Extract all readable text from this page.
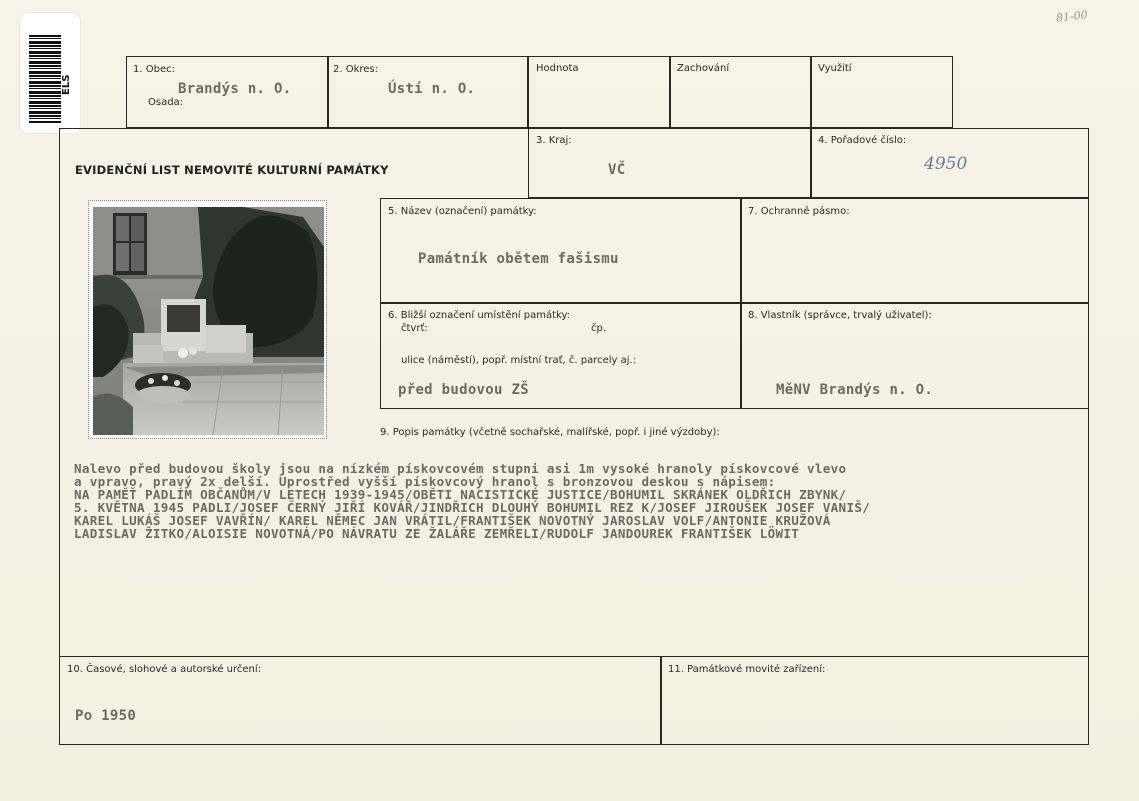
81-00
ELS
1. Obec:
Brandýs n. O.
Osada:
2. Okres:
Ústí n. O.
Hodnota	Zachování	Využití
EVIDENČNÍ LIST NEMOVITÉ KULTURNÍ PAMÁTKY
3. Kraj:
VČ
4. Pořadové číslo:
4950
5. Název (označení) památky:
Památník obětem fašismu
7. Ochranné pásmo:
6. Bližší označení umístění památky:
čtvrť:	čp.
ulice (náměstí), popř. místní trať, č. parcely aj.:
před budovou ZŠ
8. Vlastník (správce, trvalý uživatel):
MěNV Brandýs n. O.
9. Popis památky (včetně sochařské, malířské, popř. i jiné výzdoby):
Nalevo před budovou školy jsou na nízkém pískovcovém stupni asi 1m vysoké hranoly pískovcové vlevo
a vpravo, pravý 2x delší. Uprostřed vyšší pískovcový hranol s bronzovou deskou s nápisem:
NA PAMĚŤ PADLÍM OBČANŮM/V LETECH 1939-1945/OBĚTI NACISTICKÉ JUSTICE/BOHUMIL SKRÁNEK OLDŘICH ZBYNK/
5. KVĚTNA 1945 PADLI/JOSEF ČERNÝ JIŘÍ KOVÁŘ/JINDŘICH DLOUHÝ BOHUMIL REZ K/JOSEF JIROUŠEK JOSEF VANIŠ/
KAREL LUKÁŠ JOSEF VAVŘÍN/ KAREL NĚMEC JAN VRÁTIL/FRANTIŠEK NOVOTNÝ JAROSLAV VOLF/ANTONIE KRUŽOVÁ
LADISLAV ŽITKO/ALOISIE NOVOTNÁ/PO NÁVRATU ZE ŽALÁŘE ZEMŘELI/RUDOLF JANDOUREK FRANTIŠEK LÖWIT
10. Časové, slohové a autorské určení:
Po 1950
11. Památkové movité zařízení:
